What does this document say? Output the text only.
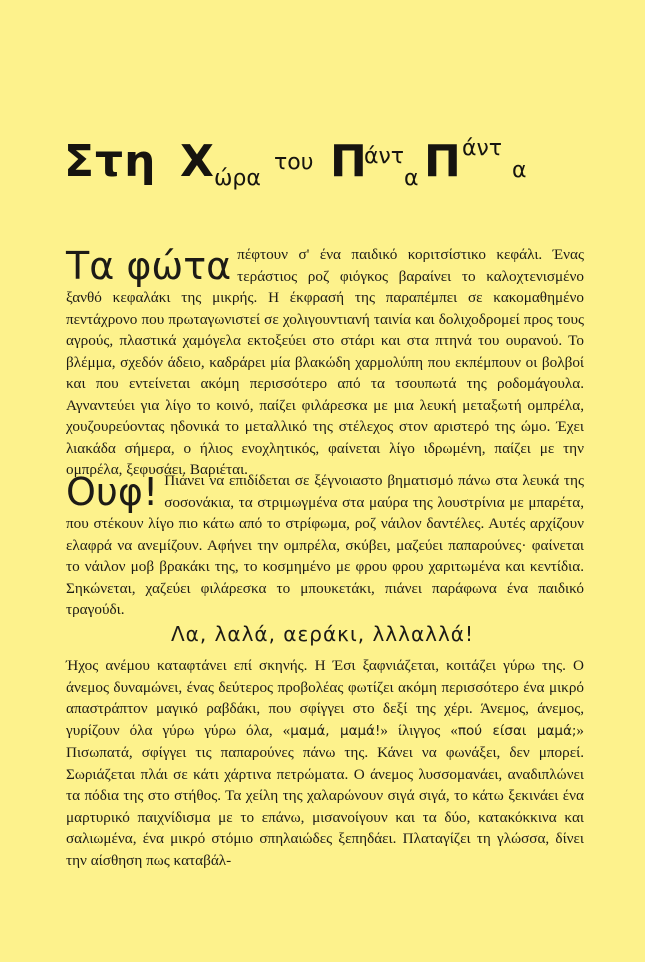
Στη Χ ώρα
του Π
άντ
α Π άντ
α
Τα φώτα πέφτουν σ' ένα παιδικό κοριτσίστικο κεφάλι. Ένας τεράστιος ροζ φιόγκος βαραίνει το καλοχτενισμένο ξανθό κεφαλάκι της μικρής. Η έκφρασή της παραπέμπει σε κακομαθημένο πεντάχρονο που πρωταγωνιστεί σε χολιγουντιανή ταινία και δολιχοδρομεί προς τους αγρούς, πλαστικά χαμόγελα εκτοξεύει στο στάρι και στα πτηνά του ουρανού. Το βλέμμα, σχεδόν άδειο, καδράρει μία βλακώδη χαρμολύπη που εκπέμπουν οι βολβοί και που εντείνεται ακόμη περισσότερο από τα τσουπωτά της ροδομάγουλα. Αγναντεύει για λίγο το κοινό, παίζει φιλάρεσκα με μια λευκή μεταξωτή ομπρέλα, χουζουρεύοντας ηδονικά το μεταλλικό της στέλεχος στον αριστερό της ώμο. Έχει λιακάδα σήμερα, ο ήλιος ενοχλητικός, φαίνεται λίγο ιδρωμένη, παίζει με την ομπρέλα, ξεφυσάει. Βαριέται.
Ουφ! Πιάνει να επιδίδεται σε ξέγνοιαστο βηματισμό πάνω στα λευκά της σοσονάκια, τα στριμωγμένα στα μαύρα της λουστρίνια με μπαρέτα, που στέκουν λίγο πιο κάτω από το στρίφωμα, ροζ νάιλον δαντέλες. Αυτές αρχίζουν ελαφρά να ανεμίζουν. Αφήνει την ομπρέλα, σκύβει, μαζεύει παπαρούνες· φαίνεται το νάιλον μοβ βρακάκι της, το κοσμημένο με φρου φρου χαριτωμένα και κεντίδια. Σηκώνεται, χαζεύει φιλάρεσκα το μπουκετάκι, πιάνει παράφωνα ένα παιδικό τραγούδι.
Λα, λαλά, αεράκι, λλλαλλά!
Ήχος ανέμου καταφτάνει επί σκηνής. Η Έσι ξαφνιάζεται, κοιτάζει γύρω της. Ο άνεμος δυναμώνει, ένας δεύτερος προβολέας φωτίζει ακόμη περισσότερο ένα μικρό απαστράπτον μαγικό ραβδάκι, που σφίγγει στο δεξί της χέρι. Άνεμος, άνεμος, γυρίζουν όλα γύρω γύρω όλα, «μαμά, μαμά!» ίλιγγος «πού είσαι μαμά;» Πισωπατά, σφίγγει τις παπαρούνες πάνω της. Κάνει να φωνάξει, δεν μπορεί. Σωριάζεται πλάι σε κάτι χάρτινα πετρώματα. Ο άνεμος λυσσομανάει, αναδιπλώνει τα πόδια της στο στήθος. Τα χείλη της χαλαρώνουν σιγά σιγά, το κάτω ξεκινάει ένα μαρτυρικό παιχνίδισμα με το επάνω, μισανοίγουν και τα δύο, κατακόκκινα και σαλιωμένα, ένα μικρό στόμιο σπηλαιώδες ξεπηδάει. Πλαταγίζει τη γλώσσα, δίνει την αίσθηση πως καταβάλ-
